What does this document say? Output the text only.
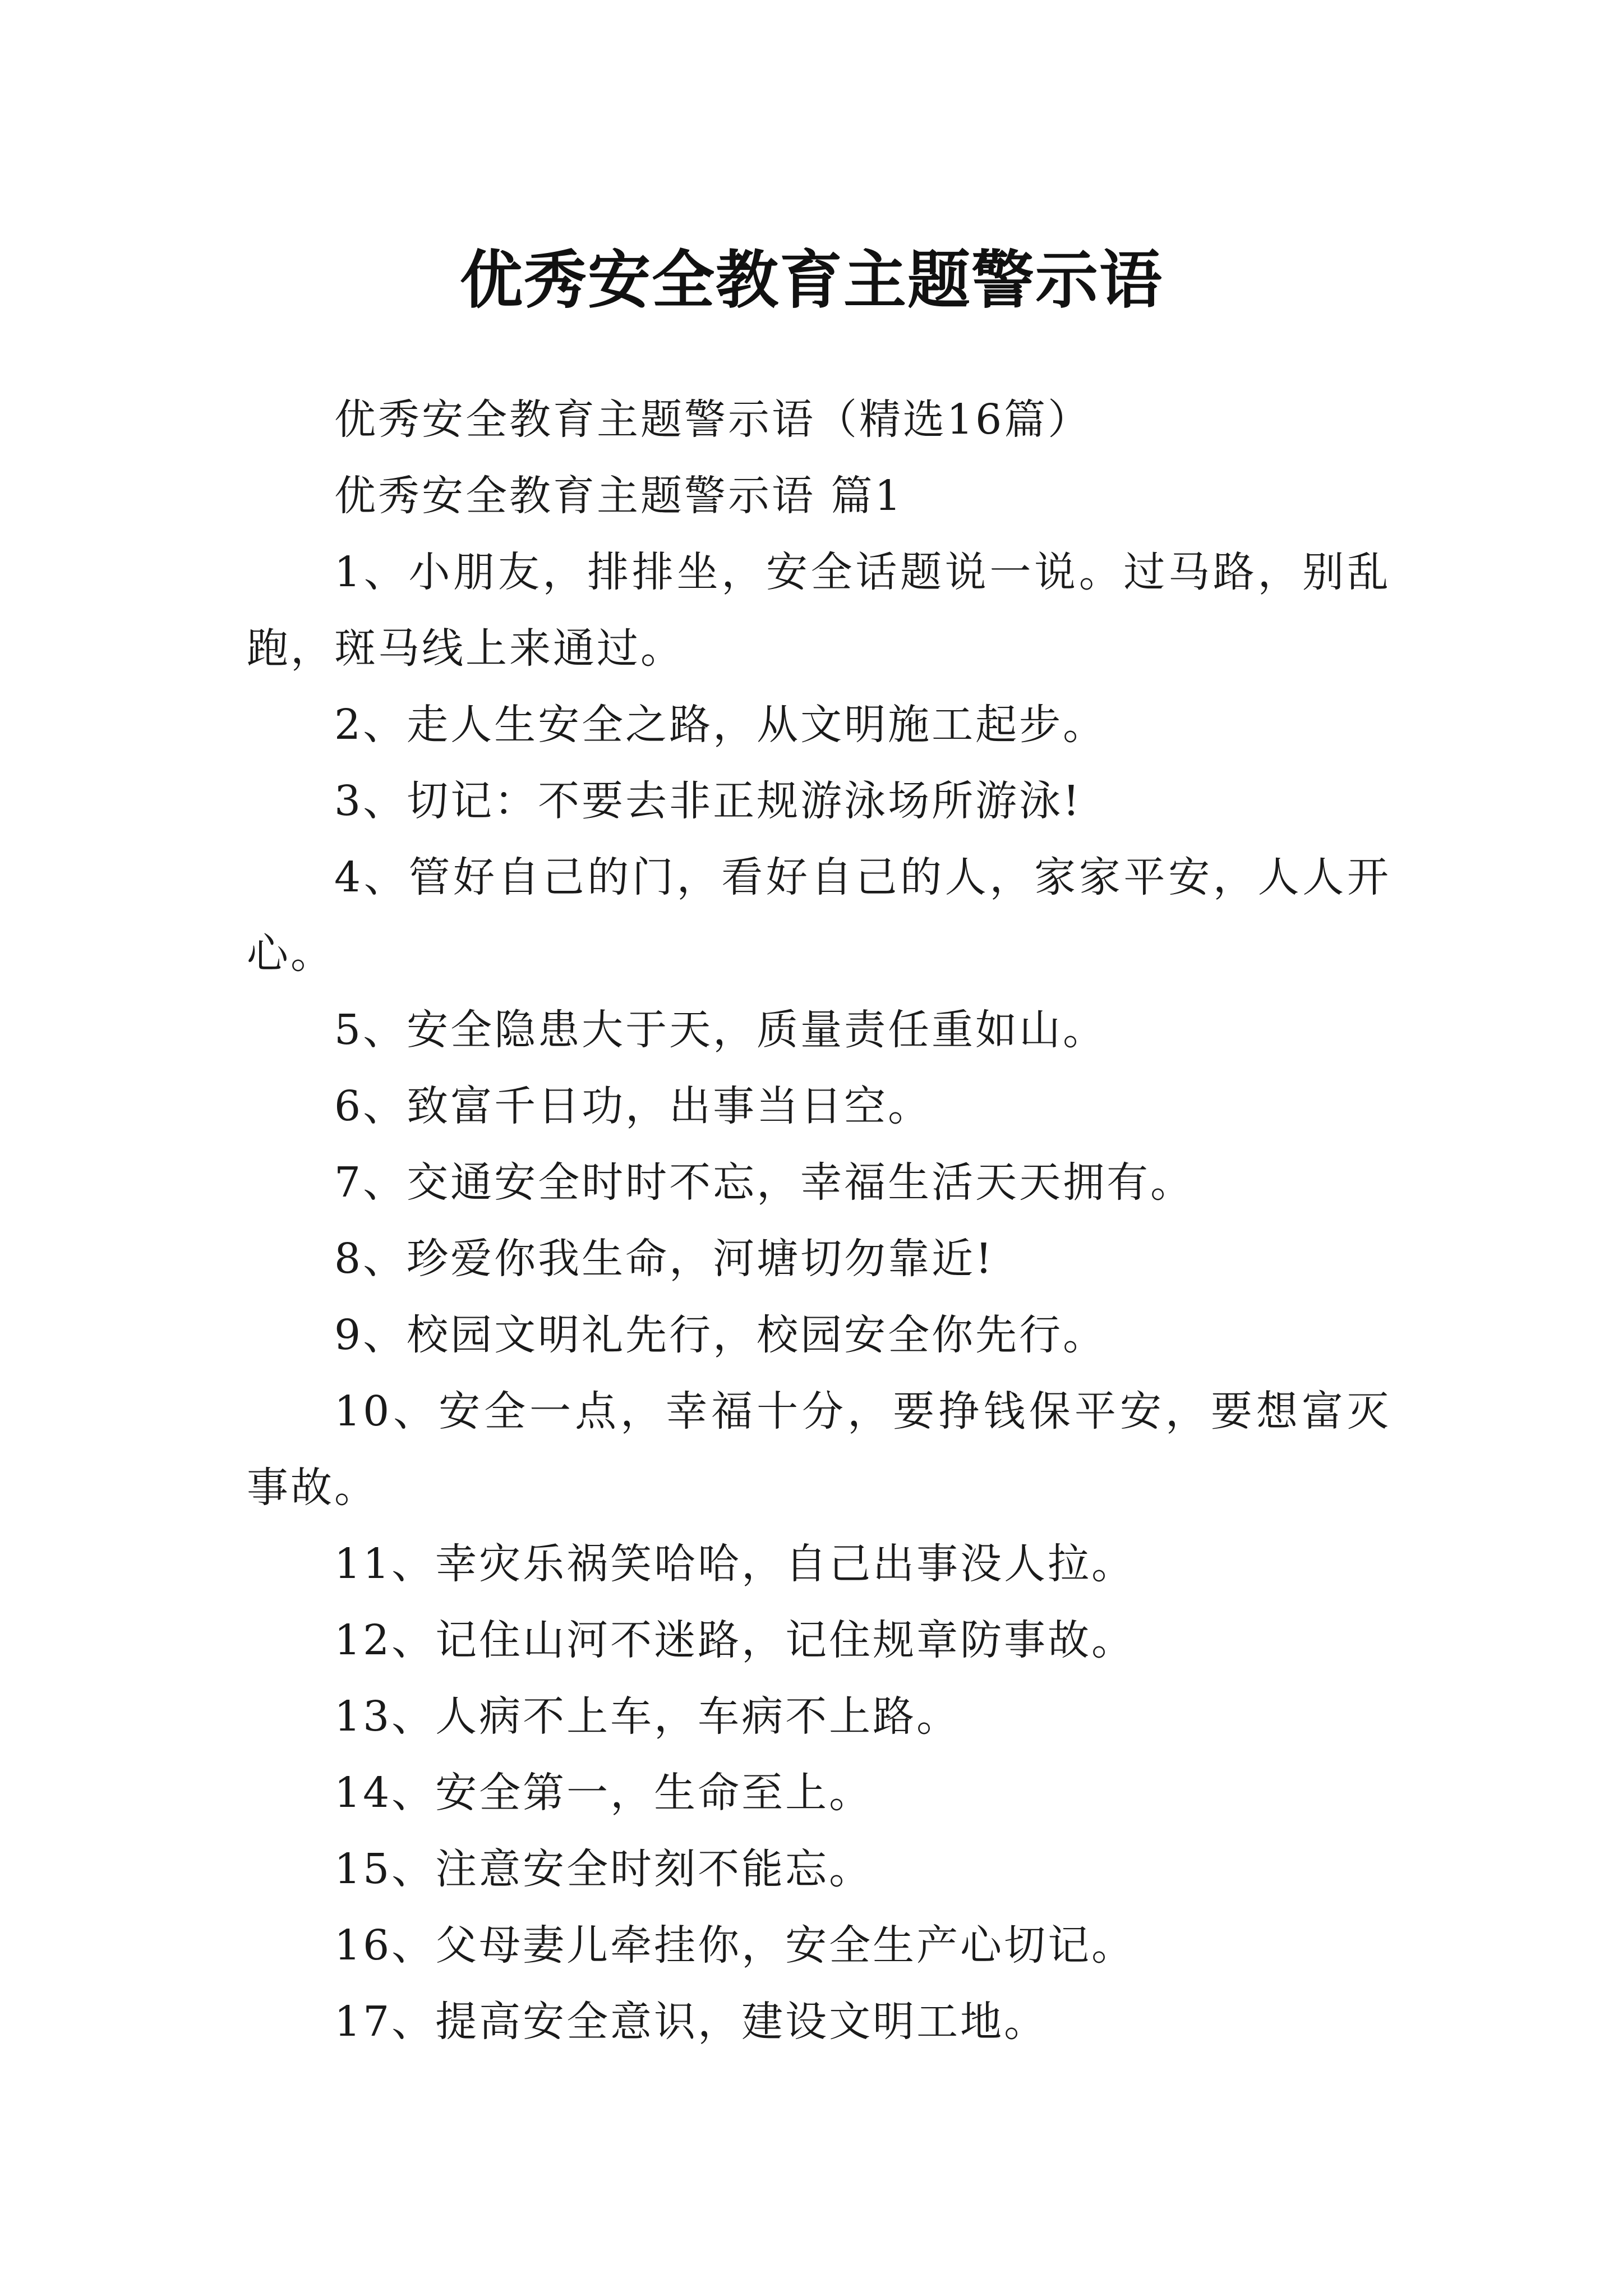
优秀安全教育主题警示语

优秀安全教育主题警示语（精选16篇）

优秀安全教育主题警示语 篇1

1、小朋友，排排坐，安全话题说一说。过马路，别乱跑，斑马线上来通过。

2、走人生安全之路，从文明施工起步。

3、切记：不要去非正规游泳场所游泳!

4、管好自己的门，看好自己的人，家家平安，人人开心。

5、安全隐患大于天，质量责任重如山。

6、致富千日功，出事当日空。

7、交通安全时时不忘，幸福生活天天拥有。

8、珍爱你我生命，河塘切勿靠近!

9、校园文明礼先行，校园安全你先行。

10、安全一点，幸福十分，要挣钱保平安，要想富灭事故。

11、幸灾乐祸笑哈哈，自己出事没人拉。

12、记住山河不迷路，记住规章防事故。

13、人病不上车，车病不上路。

14、安全第一，生命至上。

15、注意安全时刻不能忘。

16、父母妻儿牵挂你，安全生产心切记。

17、提高安全意识，建设文明工地。
